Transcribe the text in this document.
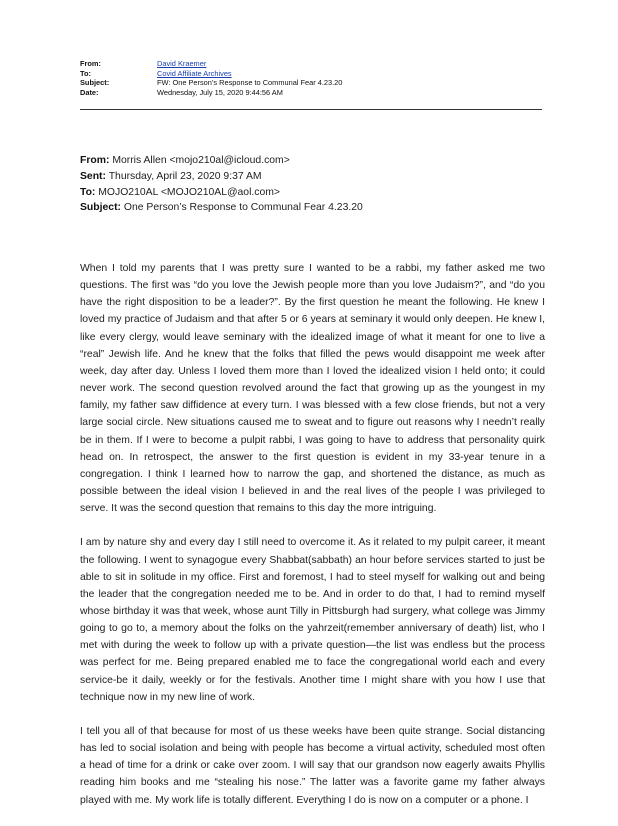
From:	David Kraemer
To:	Covid Affiliate Archives
Subject:	FW: One Person’s Response to Communal Fear 4.23.20
Date:	Wednesday, July 15, 2020 9:44:56 AM
From: Morris Allen <mojo210al@icloud.com>
Sent: Thursday, April 23, 2020 9:37 AM
To: MOJO210AL <MOJO210AL@aol.com>
Subject: One Person’s Response to Communal Fear 4.23.20

When I told my parents that I was pretty sure I wanted to be a rabbi, my father asked me two questions. The first was “do you love the Jewish people more than you love Judaism?”, and “do you have the right disposition to be a leader?”. By the first question he meant the following. He knew I loved my practice of Judaism and that after 5 or 6 years at seminary it would only deepen. He knew I, like every clergy, would leave seminary with the idealized image of what it meant for one to live a “real” Jewish life. And he knew that the folks that filled the pews would disappoint me week after week, day after day. Unless I loved them more than I loved the idealized vision I held onto; it could never work. The second question revolved around the fact that growing up as the youngest in my family, my father saw diffidence at every turn. I was blessed with a few close friends, but not a very large social circle. New situations caused me to sweat and to figure out reasons why I needn’t really be in them. If I were to become a pulpit rabbi, I was going to have to address that personality quirk head on. In retrospect, the answer to the first question is evident in my 33-year tenure in a congregation. I think I learned how to narrow the gap, and shortened the distance, as much as possible between the ideal vision I believed in and the real lives of the people I was privileged to serve. It was the second question that remains to this day the more intriguing.

I am by nature shy and every day I still need to overcome it. As it related to my pulpit career, it meant the following. I went to synagogue every Shabbat(sabbath) an hour before services started to just be able to sit in solitude in my office. First and foremost, I had to steel myself for walking out and being the leader that the congregation needed me to be. And in order to do that, I had to remind myself whose birthday it was that week, whose aunt Tilly in Pittsburgh had surgery, what college was Jimmy going to go to, a memory about the folks on the yahrzeit(remember anniversary of death) list, who I met with during the week to follow up with a private question—the list was endless but the process was perfect for me. Being prepared enabled me to face the congregational world each and every service-be it daily, weekly or for the festivals. Another time I might share with you how I use that technique now in my new line of work.

I tell you all of that because for most of us these weeks have been quite strange. Social distancing has led to social isolation and being with people has become a virtual activity, scheduled most often a head of time for a drink or cake over zoom. I will say that our grandson now eagerly awaits Phyllis reading him books and me “stealing his nose.” The latter was a favorite game my father always played with me. My work life is totally different. Everything I do is now on a computer or a phone. I
